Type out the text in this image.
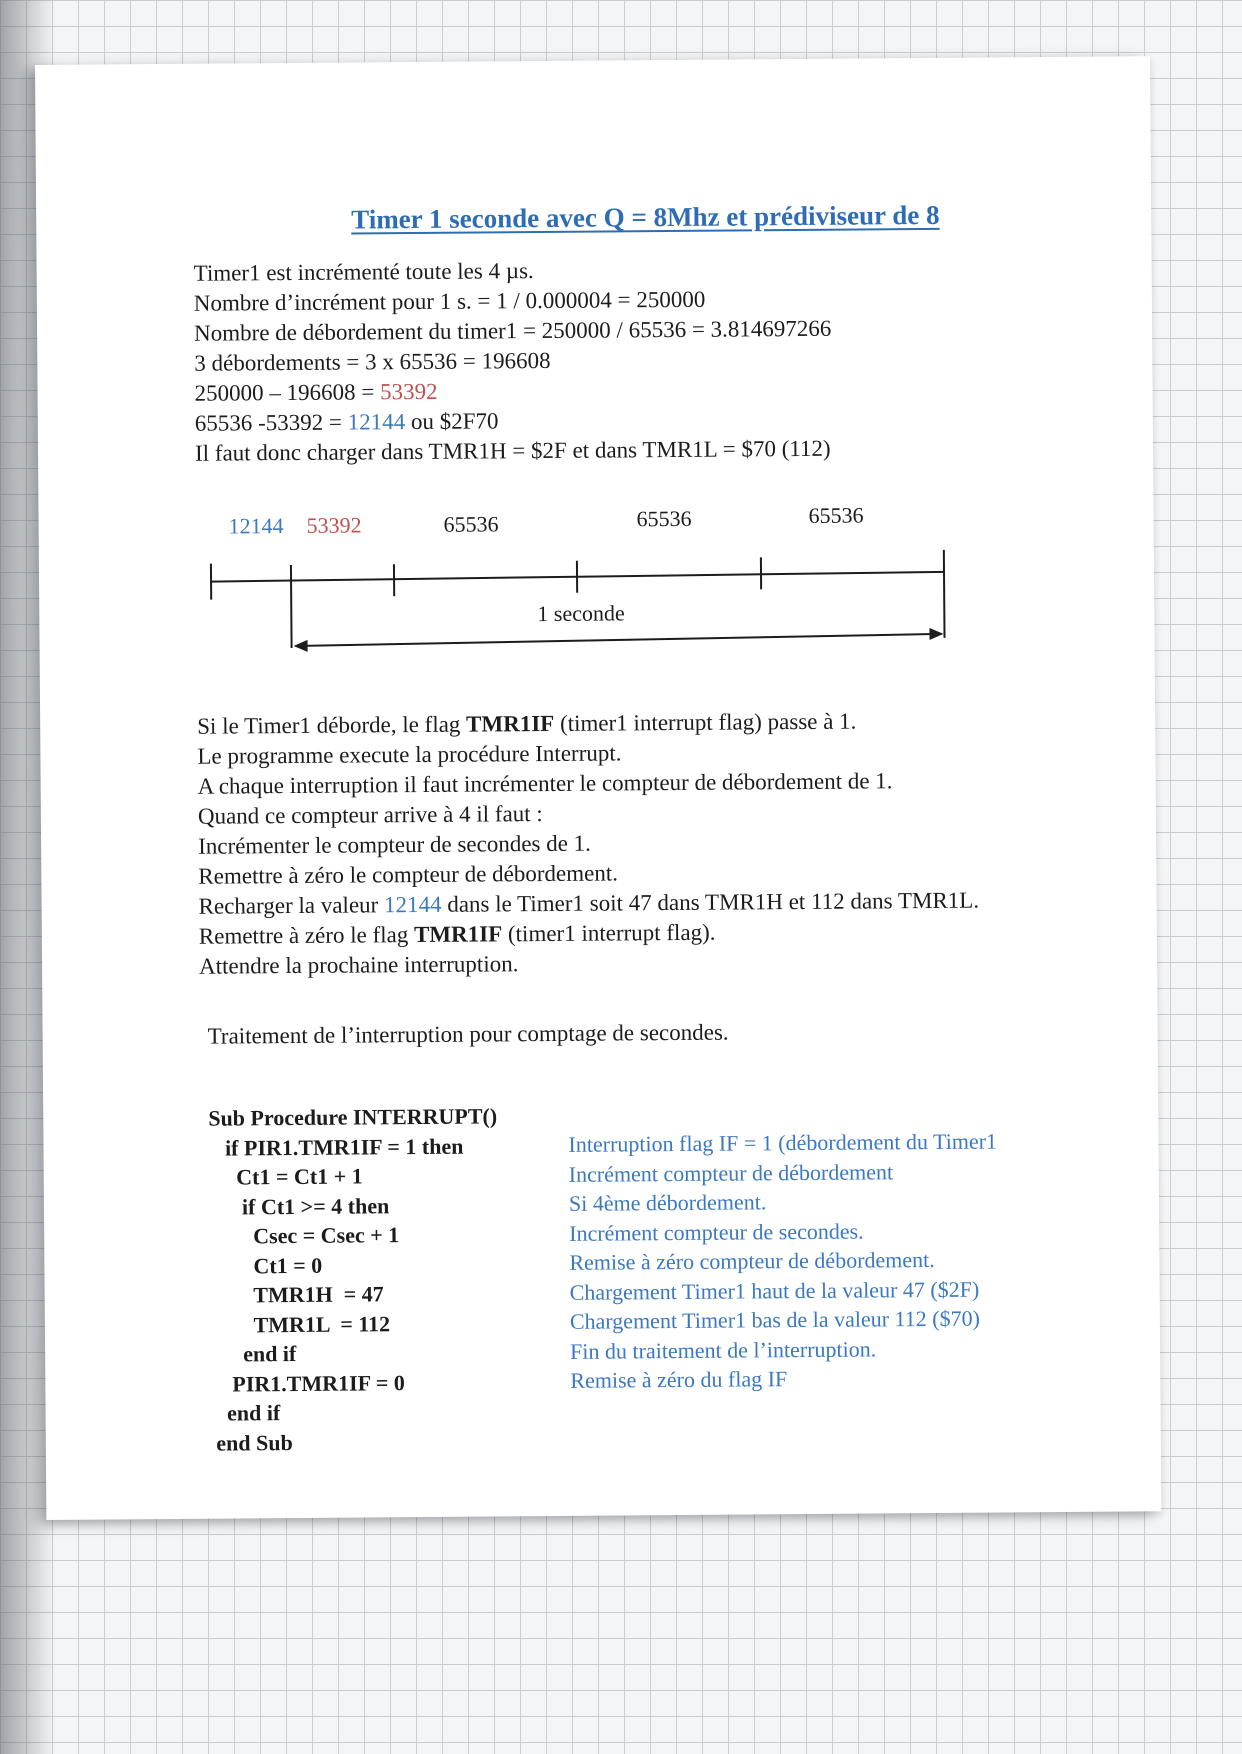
Timer 1 seconde avec Q = 8Mhz et prédiviseur de 8
Timer1 est incrémenté toute les 4 µs.
Nombre d’incrément pour 1 s. = 1 / 0.000004 = 250000
Nombre de débordement du timer1 = 250000 / 65536 = 3.814697266
3 débordements = 3 x 65536 = 196608
250000 – 196608 = 53392
65536 -53392 = 12144 ou $2F70
Il faut donc charger dans TMR1H = $2F et dans TMR1L = $70 (112)
12144 53392	65536	65536	65536
1 seconde
Si le Timer1 déborde, le flag TMR1IF (timer1 interrupt flag) passe à 1.
Le programme execute la procédure Interrupt.
A chaque interruption il faut incrémenter le compteur de débordement de 1.
Quand ce compteur arrive à 4 il faut :
Incrémenter le compteur de secondes de 1.
Remettre à zéro le compteur de débordement.
Recharger la valeur 12144 dans le Timer1 soit 47 dans TMR1H et 112 dans TMR1L.
Remettre à zéro le flag TMR1IF (timer1 interrupt flag).
Attendre la prochaine interruption.
Traitement de l’interruption pour comptage de secondes.
Sub Procedure INTERRUPT()
if PIR1.TMR1IF = 1 then
Ct1 = Ct1 + 1
if Ct1 >= 4 then
Csec = Csec + 1
Ct1 = 0
TMR1H  = 47
TMR1L  = 112
end if
PIR1.TMR1IF = 0
end if
end Sub
Interruption flag IF = 1 (débordement du Timer1
Incrément compteur de débordement
Si 4ème débordement.
Incrément compteur de secondes.
Remise à zéro compteur de débordement.
Chargement Timer1 haut de la valeur 47 ($2F)
Chargement Timer1 bas de la valeur 112 ($70)
Fin du traitement de l’interruption.
Remise à zéro du flag IF
